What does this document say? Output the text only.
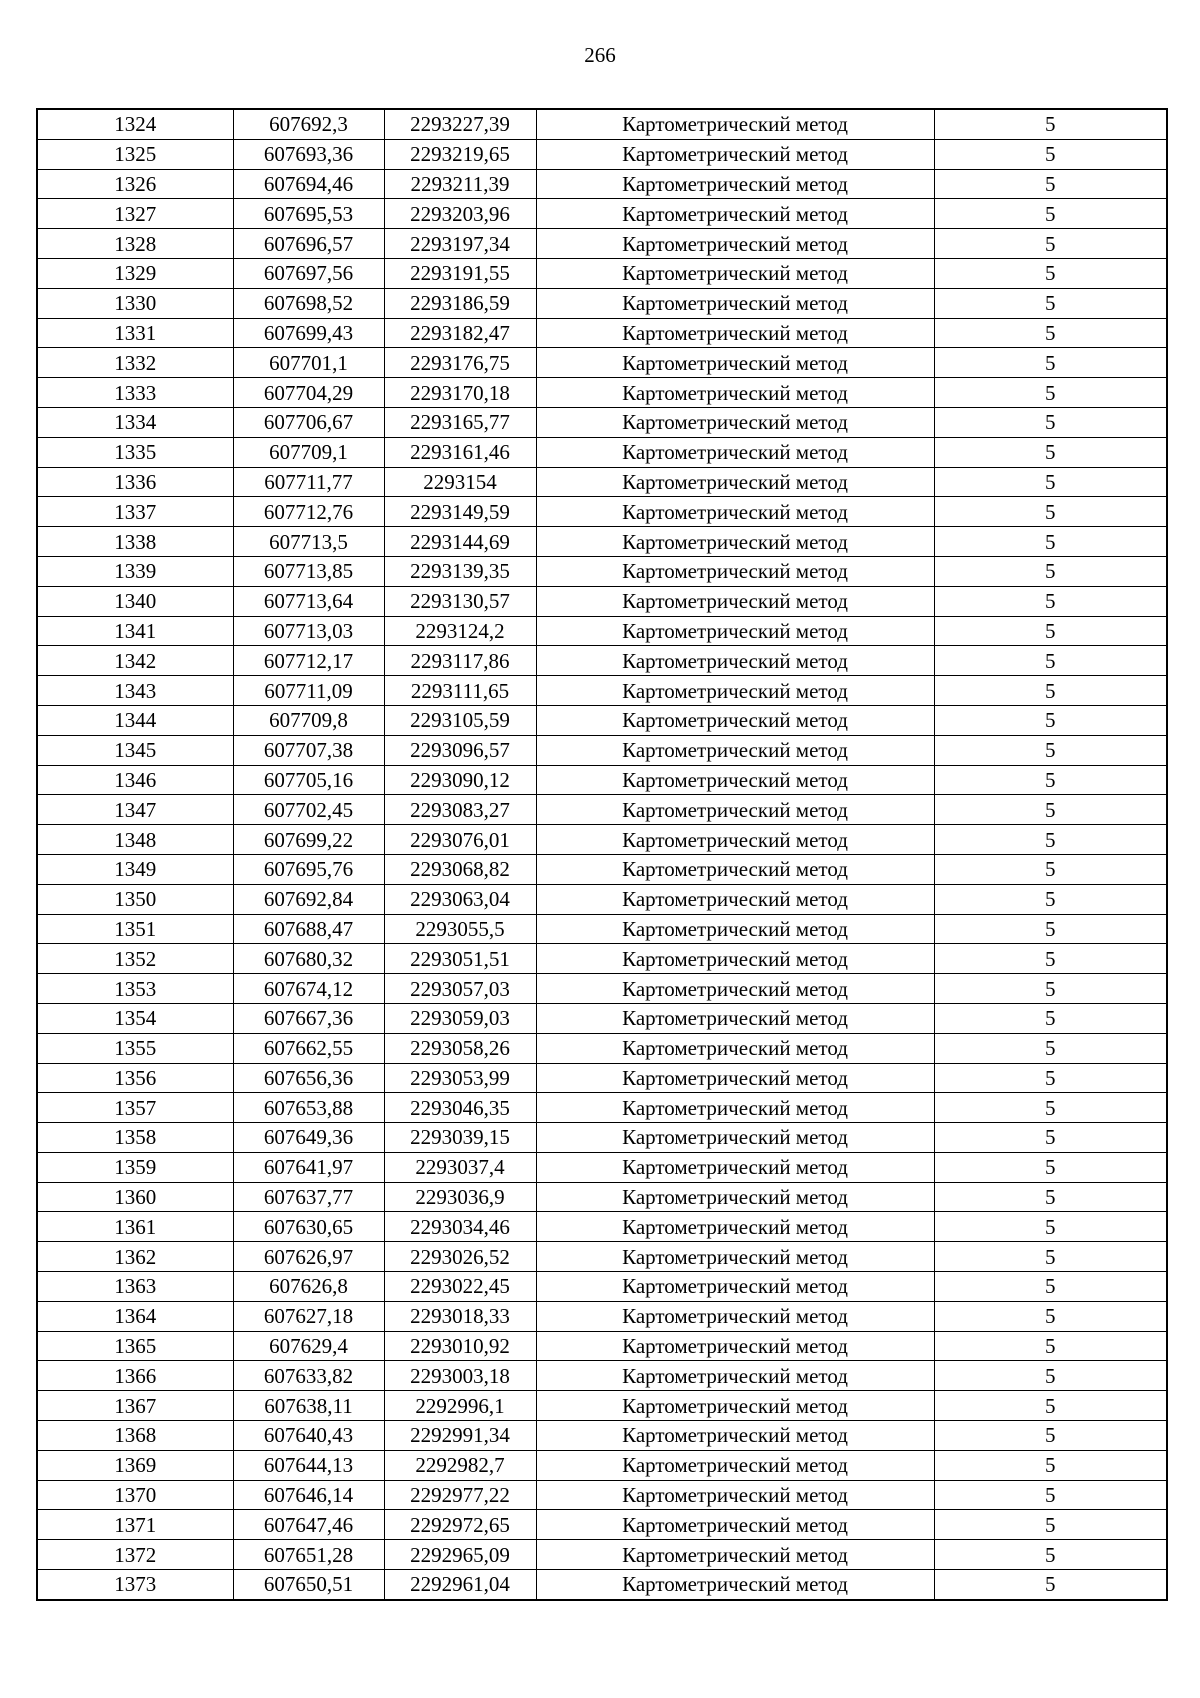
266
1324	607692,3	2293227,39	Картометрический метод	5
1325	607693,36	2293219,65	Картометрический метод	5
1326	607694,46	2293211,39	Картометрический метод	5
1327	607695,53	2293203,96	Картометрический метод	5
1328	607696,57	2293197,34	Картометрический метод	5
1329	607697,56	2293191,55	Картометрический метод	5
1330	607698,52	2293186,59	Картометрический метод	5
1331	607699,43	2293182,47	Картометрический метод	5
1332	607701,1	2293176,75	Картометрический метод	5
1333	607704,29	2293170,18	Картометрический метод	5
1334	607706,67	2293165,77	Картометрический метод	5
1335	607709,1	2293161,46	Картометрический метод	5
1336	607711,77	2293154	Картометрический метод	5
1337	607712,76	2293149,59	Картометрический метод	5
1338	607713,5	2293144,69	Картометрический метод	5
1339	607713,85	2293139,35	Картометрический метод	5
1340	607713,64	2293130,57	Картометрический метод	5
1341	607713,03	2293124,2	Картометрический метод	5
1342	607712,17	2293117,86	Картометрический метод	5
1343	607711,09	2293111,65	Картометрический метод	5
1344	607709,8	2293105,59	Картометрический метод	5
1345	607707,38	2293096,57	Картометрический метод	5
1346	607705,16	2293090,12	Картометрический метод	5
1347	607702,45	2293083,27	Картометрический метод	5
1348	607699,22	2293076,01	Картометрический метод	5
1349	607695,76	2293068,82	Картометрический метод	5
1350	607692,84	2293063,04	Картометрический метод	5
1351	607688,47	2293055,5	Картометрический метод	5
1352	607680,32	2293051,51	Картометрический метод	5
1353	607674,12	2293057,03	Картометрический метод	5
1354	607667,36	2293059,03	Картометрический метод	5
1355	607662,55	2293058,26	Картометрический метод	5
1356	607656,36	2293053,99	Картометрический метод	5
1357	607653,88	2293046,35	Картометрический метод	5
1358	607649,36	2293039,15	Картометрический метод	5
1359	607641,97	2293037,4	Картометрический метод	5
1360	607637,77	2293036,9	Картометрический метод	5
1361	607630,65	2293034,46	Картометрический метод	5
1362	607626,97	2293026,52	Картометрический метод	5
1363	607626,8	2293022,45	Картометрический метод	5
1364	607627,18	2293018,33	Картометрический метод	5
1365	607629,4	2293010,92	Картометрический метод	5
1366	607633,82	2293003,18	Картометрический метод	5
1367	607638,11	2292996,1	Картометрический метод	5
1368	607640,43	2292991,34	Картометрический метод	5
1369	607644,13	2292982,7	Картометрический метод	5
1370	607646,14	2292977,22	Картометрический метод	5
1371	607647,46	2292972,65	Картометрический метод	5
1372	607651,28	2292965,09	Картометрический метод	5
1373	607650,51	2292961,04	Картометрический метод	5
